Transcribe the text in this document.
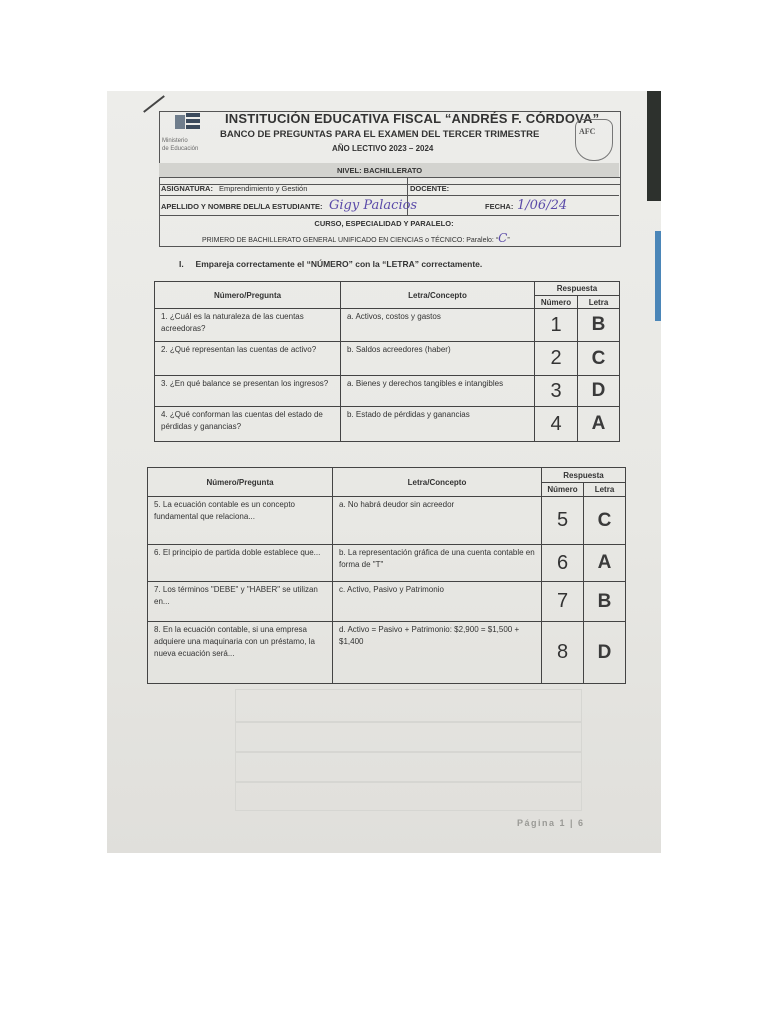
Ministerio
de Educación
INSTITUCIÓN EDUCATIVA FISCAL “ANDRÉS F. CÓRDOVA”
BANCO DE PREGUNTAS PARA EL EXAMEN DEL TERCER TRIMESTRE
AÑO LECTIVO 2023 – 2024
AFC
NIVEL: BACHILLERATO
ASIGNATURA: Emprendimiento y Gestión	DOCENTE:
APELLIDO Y NOMBRE DEL/LA ESTUDIANTE: Gigy Palacios	FECHA: 1/06/24
CURSO, ESPECIALIDAD Y PARALELO:
PRIMERO DE BACHILLERATO GENERAL UNIFICADO EN CIENCIAS o TÉCNICO: Paralelo: “C”
I. Empareja correctamente el “NÚMERO” con la “LETRA” correctamente.
Número/Pregunta	Letra/Concepto	Respuesta	
		Número	Letra
1. ¿Cuál es la naturaleza de las cuentas acreedoras?	a. Activos, costos y gastos	1	B
2. ¿Qué representan las cuentas de activo?	b. Saldos acreedores (haber)	2	C
3. ¿En qué balance se presentan los ingresos?	a. Bienes y derechos tangibles e intangibles	3	D
4. ¿Qué conforman las cuentas del estado de pérdidas y ganancias?	b. Estado de pérdidas y ganancias	4	A
Número/Pregunta	Letra/Concepto	Respuesta	
		Número	Letra
5. La ecuación contable es un concepto fundamental que relaciona...	a. No habrá deudor sin acreedor	5	C
6. El principio de partida doble establece que...	b. La representación gráfica de una cuenta contable en forma de "T"	6	A
7. Los términos "DEBE" y "HABER" se utilizan en...	c. Activo, Pasivo y Patrimonio	7	B
8. En la ecuación contable, si una empresa adquiere una maquinaria con un préstamo, la nueva ecuación será...	d. Activo = Pasivo + Patrimonio: $2,900 = $1,500 + $1,400	8	D
Página 1 | 6
